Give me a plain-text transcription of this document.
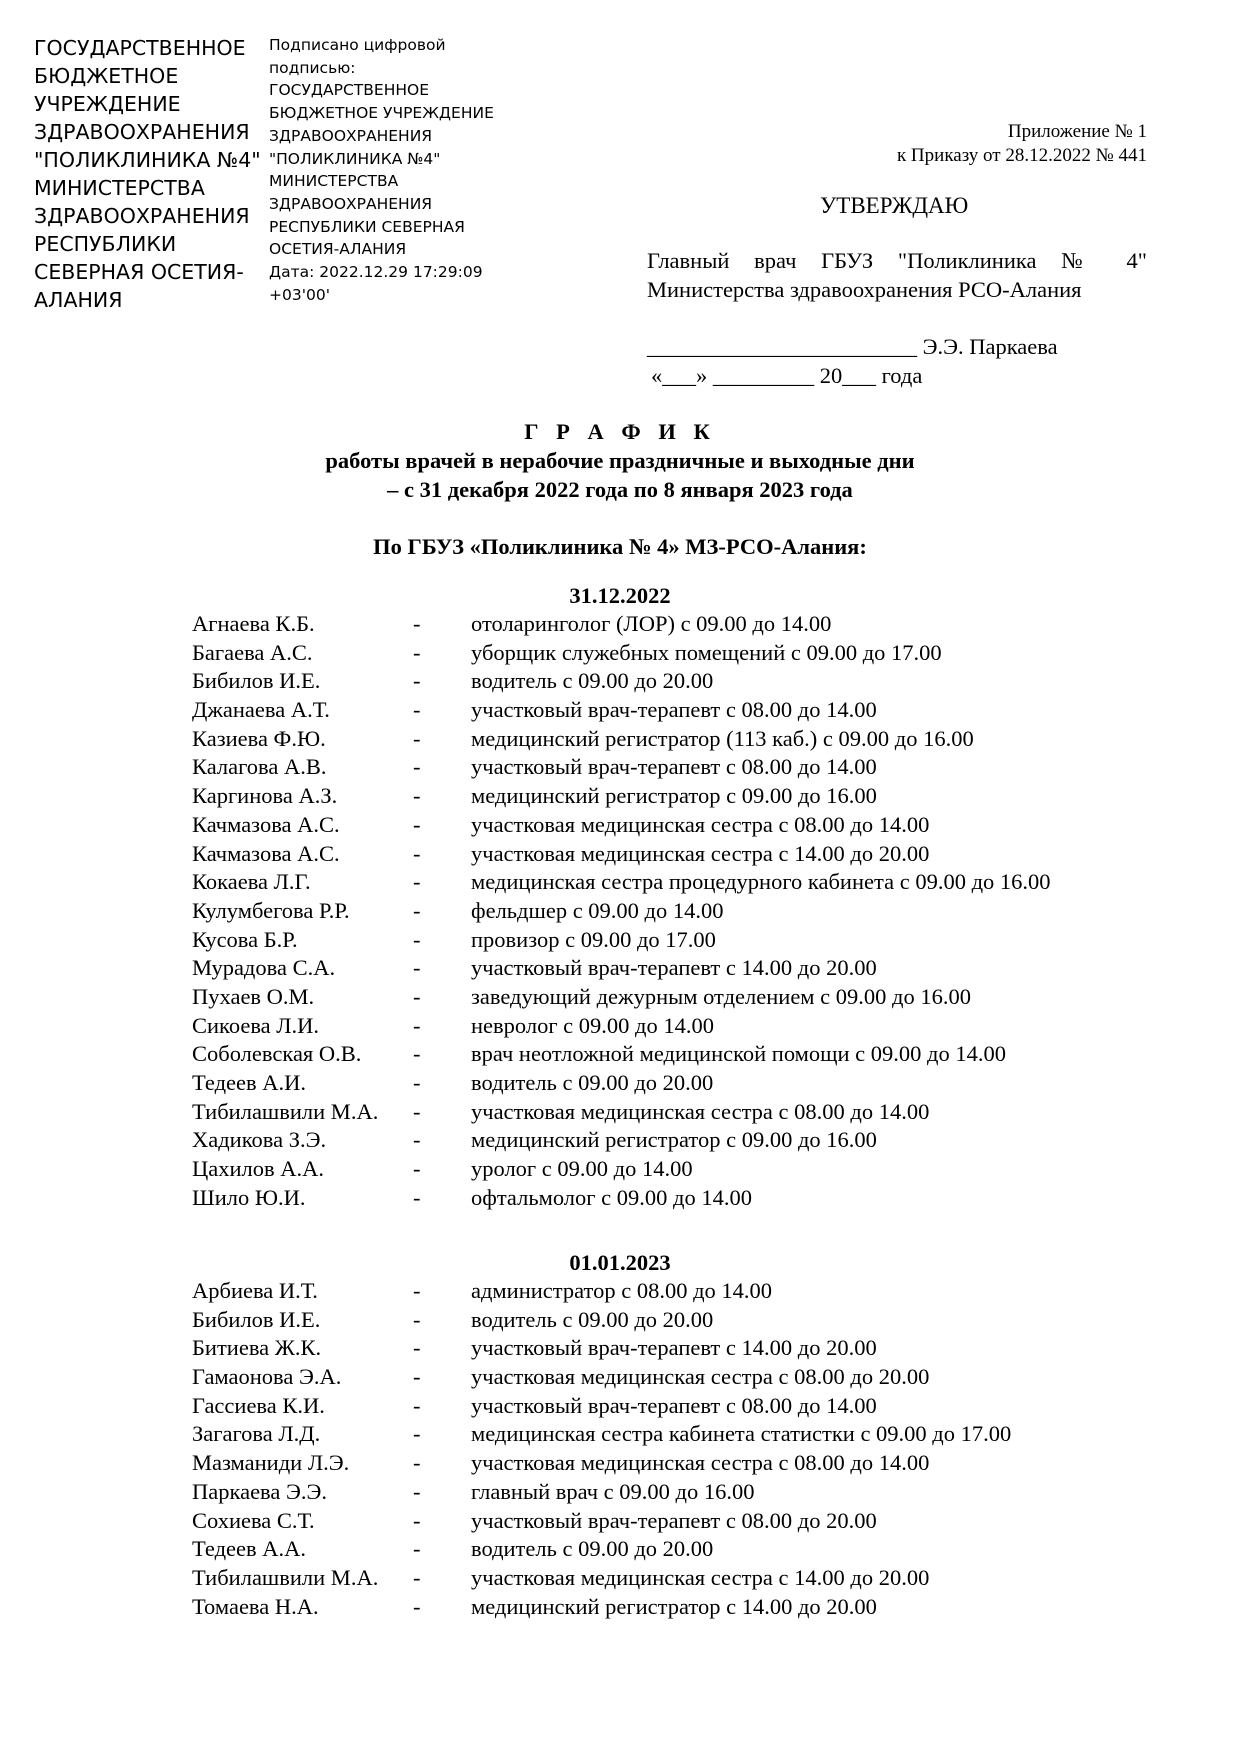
ГОСУДАРСТВЕННОЕ
БЮДЖЕТНОЕ
УЧРЕЖДЕНИЕ
ЗДРАВООХРАНЕНИЯ
"ПОЛИКЛИНИКА №4"
МИНИСТЕРСТВА
ЗДРАВООХРАНЕНИЯ
РЕСПУБЛИКИ
СЕВЕРНАЯ ОСЕТИЯ-
АЛАНИЯ
Подписано цифровой
подписью:
ГОСУДАРСТВЕННОЕ
БЮДЖЕТНОЕ УЧРЕЖДЕНИЕ
ЗДРАВООХРАНЕНИЯ
"ПОЛИКЛИНИКА №4"
МИНИСТЕРСТВА
ЗДРАВООХРАНЕНИЯ
РЕСПУБЛИКИ СЕВЕРНАЯ
ОСЕТИЯ-АЛАНИЯ
Дата: 2022.12.29 17:29:09
+03'00'
Приложение № 1
к Приказу от 28.12.2022 № 441
УТВЕРЖДАЮ
Главный врач ГБУЗ "Поликлиника № 4"
Министерства здравоохранения РСО-Алания
________________________ Э.Э. Паркаева
«___» _________ 20___ года
Г Р А Ф И К
работы врачей в нерабочие праздничные и выходные дни
– с 31 декабря 2022 года по 8 января 2023 года
По ГБУЗ «Поликлиника № 4» МЗ-РСО-Алания:
31.12.2022
Агнаева К.Б.	- отоларинголог (ЛОР) с 09.00 до 14.00
Багаева А.С.	- уборщик служебных помещений с 09.00 до 17.00
Бибилов И.Е.	- водитель с 09.00 до 20.00
Джанаева А.Т.	- участковый врач-терапевт с 08.00 до 14.00
Казиева Ф.Ю.	- медицинский регистратор (113 каб.) с 09.00 до 16.00
Калагова А.В.	- участковый врач-терапевт с 08.00 до 14.00
Каргинова А.З.	- медицинский регистратор с 09.00 до 16.00
Качмазова А.С.	- участковая медицинская сестра с 08.00 до 14.00
Качмазова А.С.	- участковая медицинская сестра с 14.00 до 20.00
Кокаева Л.Г.	- медицинская сестра процедурного кабинета с 09.00 до 16.00
Кулумбегова Р.Р.	- фельдшер с 09.00 до 14.00
Кусова Б.Р.	- провизор с 09.00 до 17.00
Мурадова С.А.	- участковый врач-терапевт с 14.00 до 20.00
Пухаев О.М.	- заведующий дежурным отделением с 09.00 до 16.00
Сикоева Л.И.	- невролог с 09.00 до 14.00
Соболевская О.В. - врач неотложной медицинской помощи с 09.00 до 14.00
Тедеев А.И.	- водитель с 09.00 до 20.00
Тибилашвили М.А. - участковая медицинская сестра с 08.00 до 14.00
Хадикова З.Э.	- медицинский регистратор с 09.00 до 16.00
Цахилов А.А.	- уролог с 09.00 до 14.00
Шило Ю.И.	- офтальмолог с 09.00 до 14.00
01.01.2023
Арбиева И.Т.	- администратор с 08.00 до 14.00
Бибилов И.Е.	- водитель с 09.00 до 20.00
Битиева Ж.К.	- участковый врач-терапевт с 14.00 до 20.00
Гамаонова Э.А.	- участковая медицинская сестра с 08.00 до 20.00
Гассиева К.И.	- участковый врач-терапевт с 08.00 до 14.00
Загагова Л.Д.	- медицинская сестра кабинета статистки с 09.00 до 17.00
Мазманиди Л.Э.	- участковая медицинская сестра с 08.00 до 14.00
Паркаева Э.Э.	- главный врач с 09.00 до 16.00
Сохиева С.Т.	- участковый врач-терапевт с 08.00 до 20.00
Тедеев А.А.	- водитель с 09.00 до 20.00
Тибилашвили М.А. - участковая медицинская сестра с 14.00 до 20.00
Томаева Н.А.	- медицинский регистратор с 14.00 до 20.00
